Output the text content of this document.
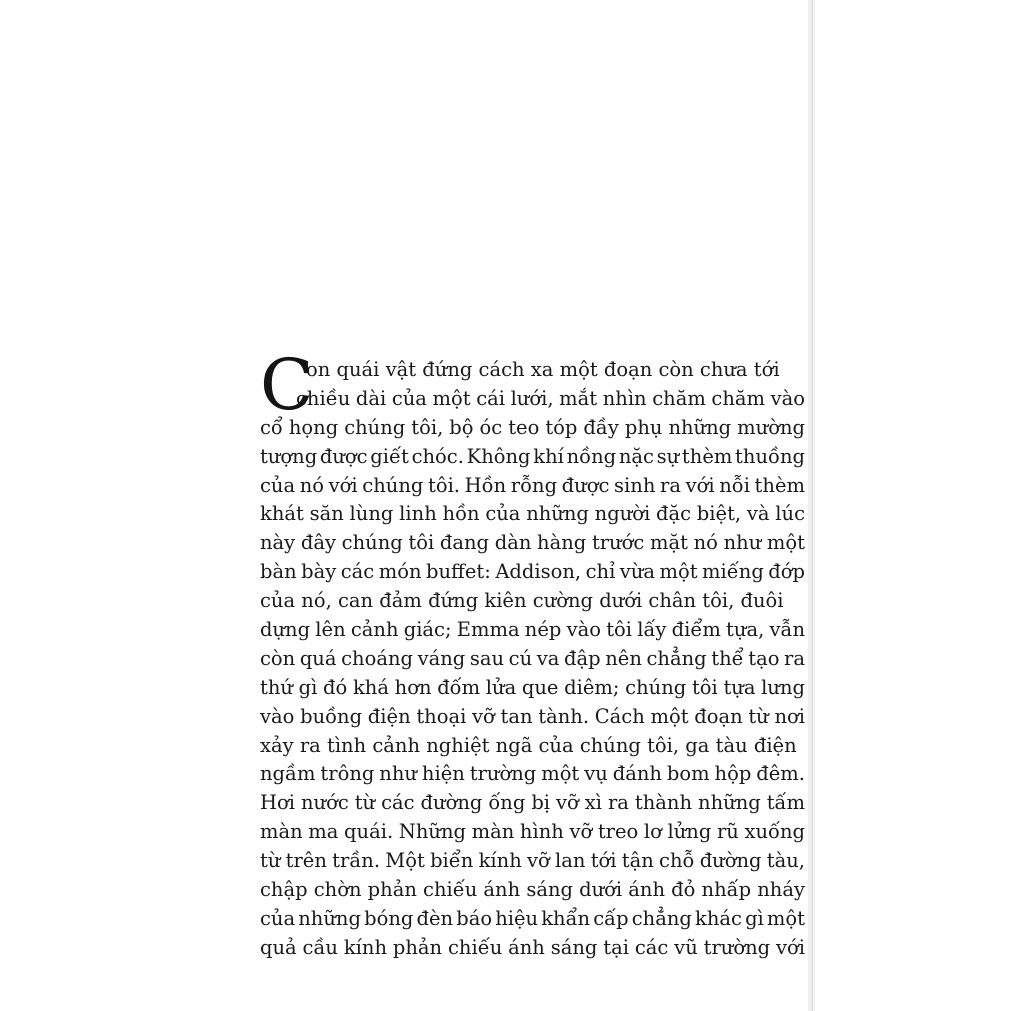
C
on quái vật đứng cách xa một đoạn còn chưa tới
chiều dài của một cái lưới, mắt nhìn chăm chăm vào
cổ họng chúng tôi, bộ óc teo tóp đầy phụ những mường
tượng được giết chóc. Không khí nồng nặc sự thèm thuồng
của nó với chúng tôi. Hồn rỗng được sinh ra với nỗi thèm
khát săn lùng linh hồn của những người đặc biệt, và lúc
này đây chúng tôi đang dàn hàng trước mặt nó như một
bàn bày các món buffet: Addison, chỉ vừa một miếng đớp
của nó, can đảm đứng kiên cường dưới chân tôi, đuôi
dựng lên cảnh giác; Emma nép vào tôi lấy điểm tựa, vẫn
còn quá choáng váng sau cú va đập nên chẳng thể tạo ra
thứ gì đó khá hơn đốm lửa que diêm; chúng tôi tựa lưng
vào buồng điện thoại vỡ tan tành. Cách một đoạn từ nơi
xảy ra tình cảnh nghiệt ngã của chúng tôi, ga tàu điện
ngầm trông như hiện trường một vụ đánh bom hộp đêm.
Hơi nước từ các đường ống bị vỡ xì ra thành những tấm
màn ma quái. Những màn hình vỡ treo lơ lửng rũ xuống
từ trên trần. Một biển kính vỡ lan tới tận chỗ đường tàu,
chập chờn phản chiếu ánh sáng dưới ánh đỏ nhấp nháy
của những bóng đèn báo hiệu khẩn cấp chẳng khác gì một
quả cầu kính phản chiếu ánh sáng tại các vũ trường với
